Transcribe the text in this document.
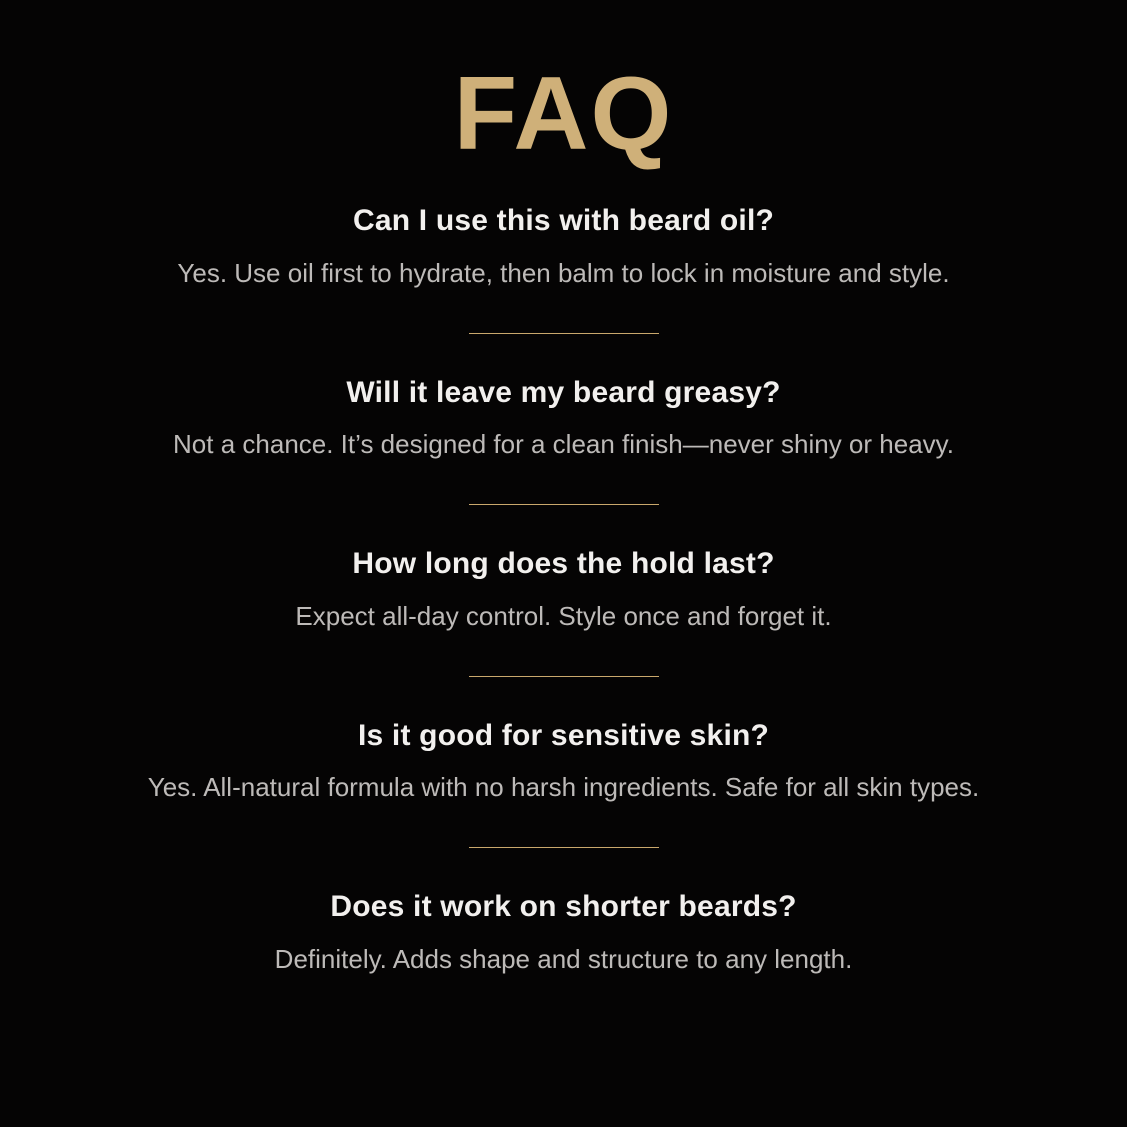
FAQ
Can I use this with beard oil?
Yes. Use oil first to hydrate, then balm to lock in moisture and style.
Will it leave my beard greasy?
Not a chance. It’s designed for a clean finish—never shiny or heavy.
How long does the hold last?
Expect all-day control. Style once and forget it.
Is it good for sensitive skin?
Yes. All-natural formula with no harsh ingredients. Safe for all skin types.
Does it work on shorter beards?
Definitely. Adds shape and structure to any length.
